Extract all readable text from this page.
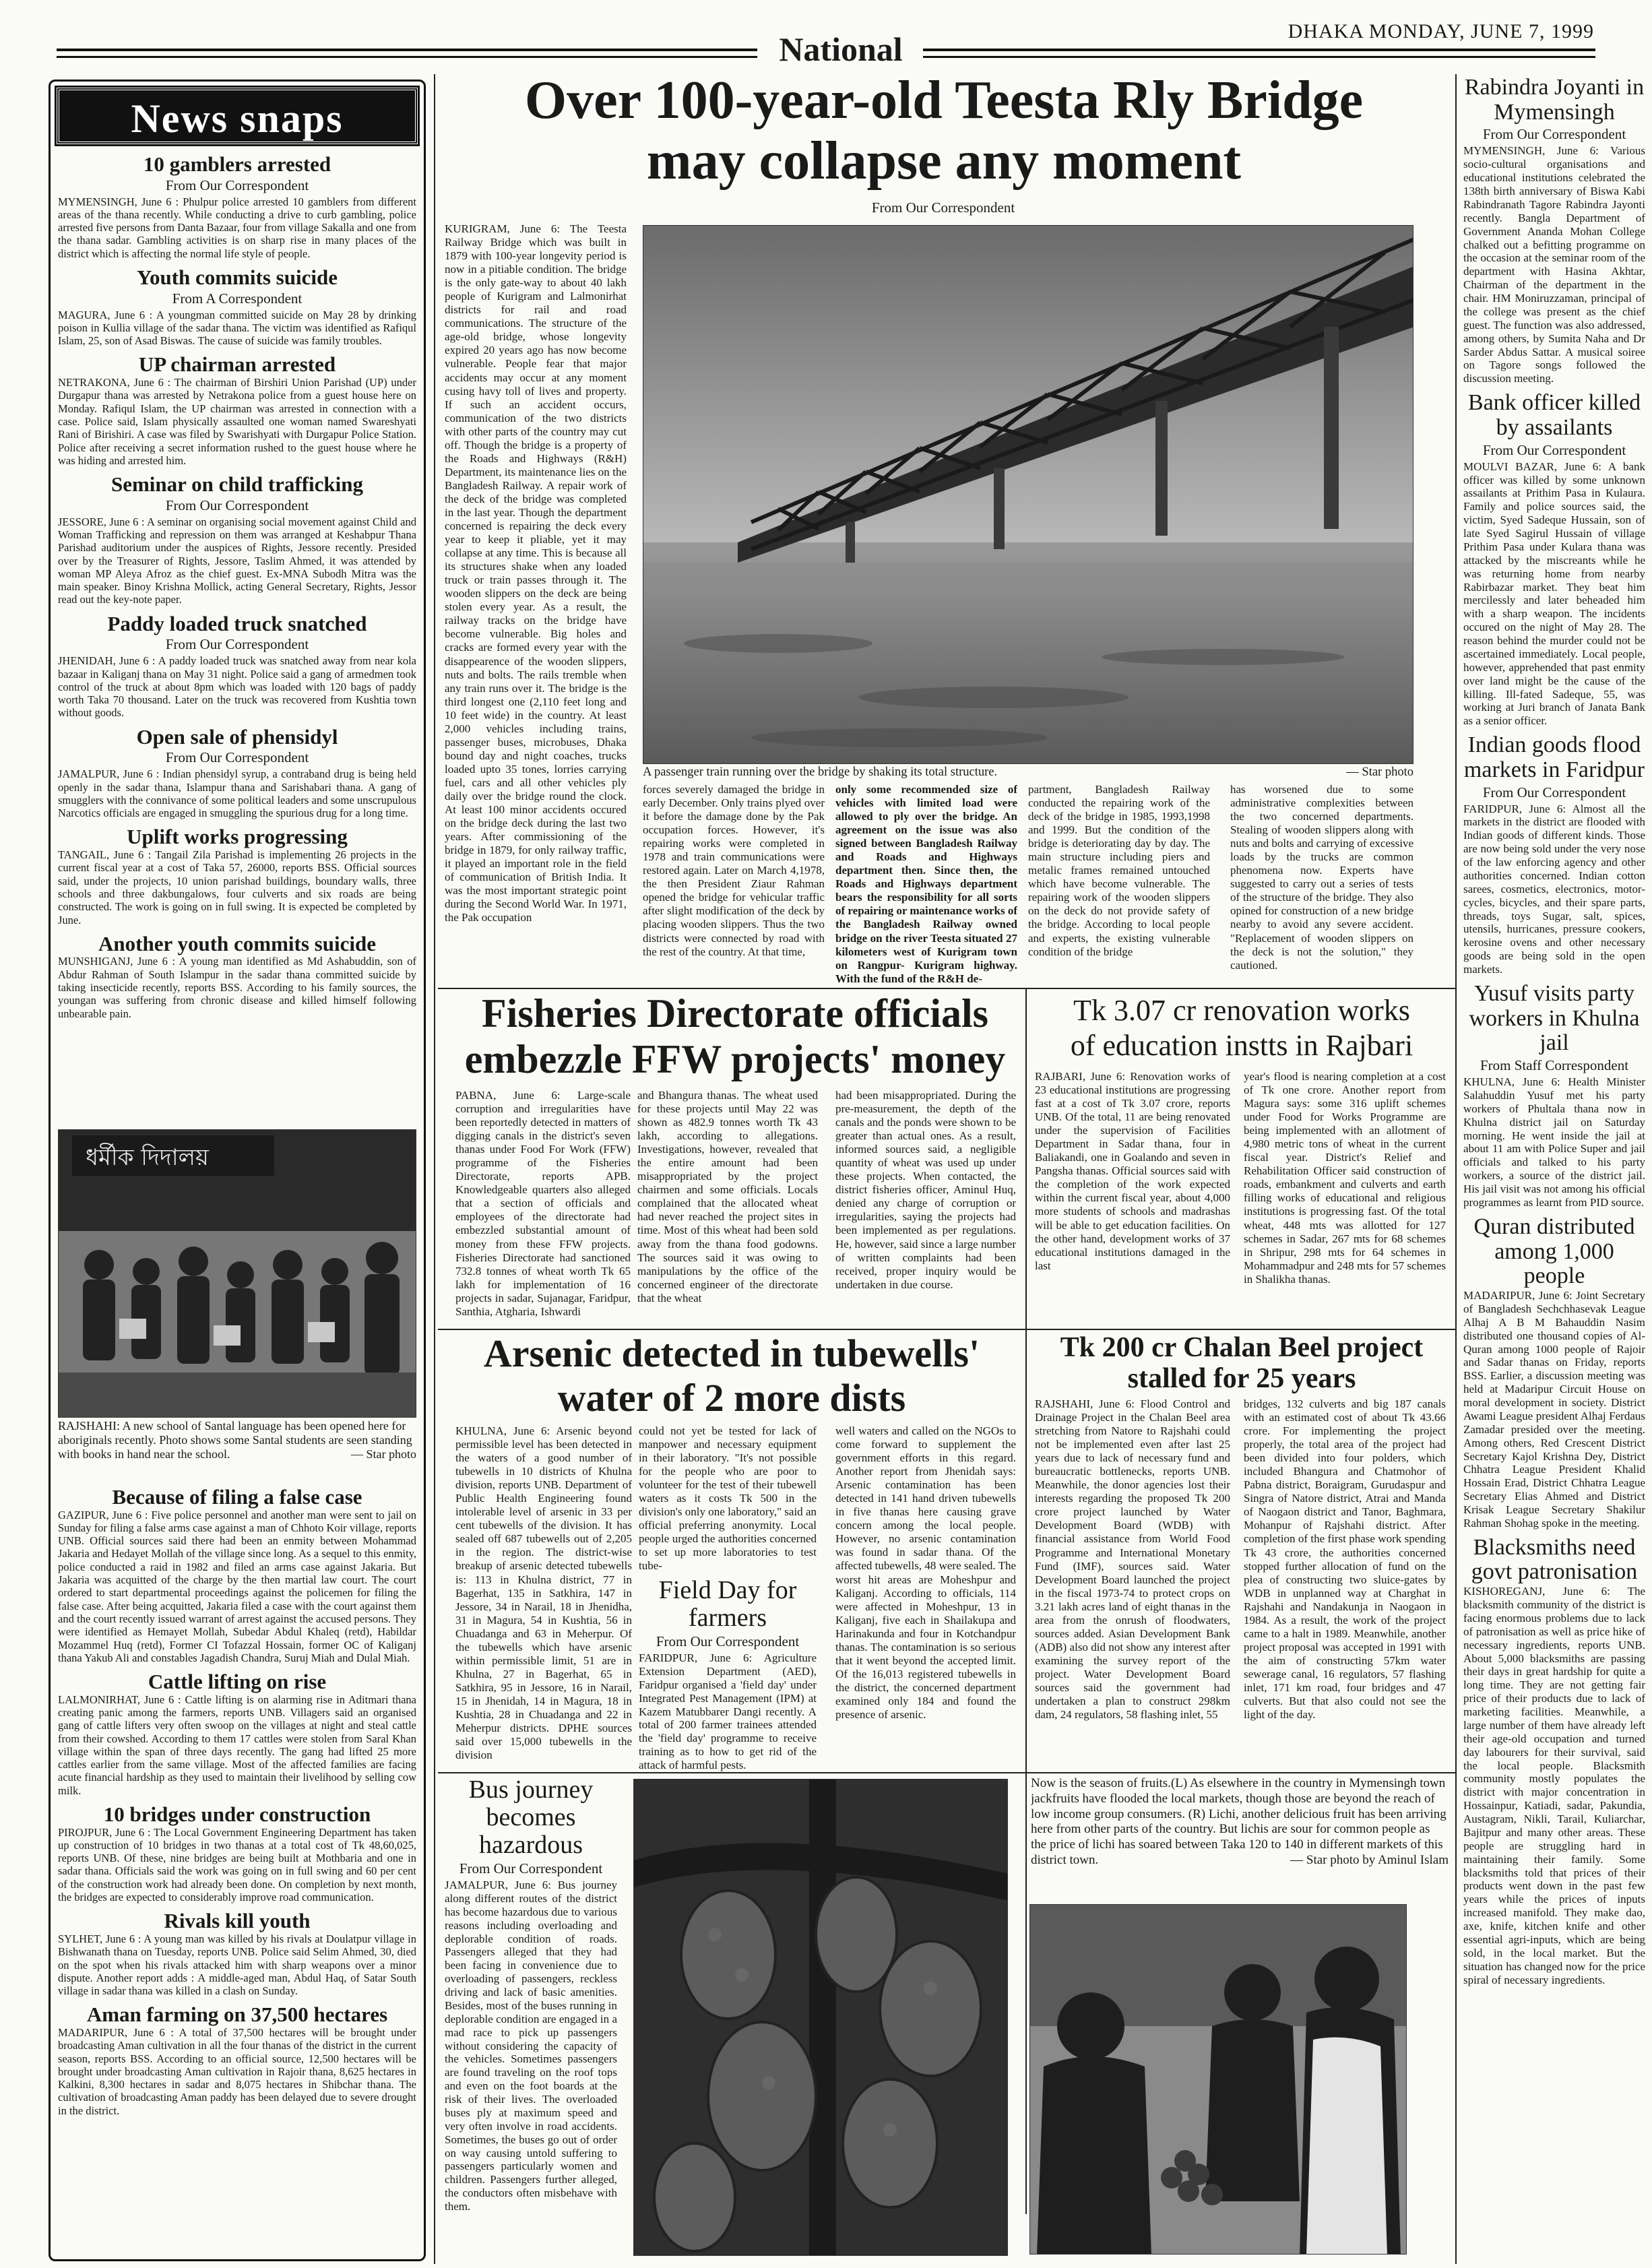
DHAKA MONDAY, JUNE 7, 1999
National
News snaps
10 gamblers arrested
From Our Correspondent

MYMENSINGH, June 6 : Phulpur police arrested 10 gamblers from different areas of the thana recently. While conducting a drive to curb gambling, police arrested five persons from Danta Bazaar, four from village Sakalla and one from the thana sadar. Gambling activities is on sharp rise in many places of the district which is affecting the normal life style of people.

Youth commits suicide
From A Correspondent

MAGURA, June 6 : A youngman committed suicide on May 28 by drinking poison in Kullia village of the sadar thana. The victim was identified as Rafiqul Islam, 25, son of Asad Biswas. The cause of suicide was family troubles.

UP chairman arrested

NETRAKONA, June 6 : The chairman of Birshiri Union Parishad (UP) under Durgapur thana was arrested by Netrakona police from a guest house here on Monday. Rafiqul Islam, the UP chairman was arrested in connection with a case. Police said, Islam physically assaulted one woman named Swareshyati Rani of Birishiri. A case was filed by Swarishyati with Durgapur Police Station. Police after receiving a secret information rushed to the guest house where he was hiding and arrested him.

Seminar on child trafficking
From Our Correspondent

JESSORE, June 6 : A seminar on organising social movement against Child and Woman Trafficking and repression on them was arranged at Keshabpur Thana Parishad auditorium under the auspices of Rights, Jessore recently. Presided over by the Treasurer of Rights, Jessore, Taslim Ahmed, it was attended by woman MP Aleya Afroz as the chief guest. Ex-MNA Subodh Mitra was the main speaker. Binoy Krishna Mollick, acting General Secretary, Rights, Jessor read out the key-note paper.

Paddy loaded truck snatched
From Our Correspondent

JHENIDAH, June 6 : A paddy loaded truck was snatched away from near kola bazaar in Kaliganj thana on May 31 night. Police said a gang of armedmen took control of the truck at about 8pm which was loaded with 120 bags of paddy worth Taka 70 thousand. Later on the truck was recovered from Kushtia town without goods.

Open sale of phensidyl
From Our Correspondent

JAMALPUR, June 6 : Indian phensidyl syrup, a contraband drug is being held openly in the sadar thana, Islampur thana and Sarishabari thana. A gang of smugglers with the connivance of some political leaders and some unscrupulous Narcotics officials are engaged in smuggling the spurious drug for a long time.

Uplift works progressing

TANGAIL, June 6 : Tangail Zila Parishad is implementing 26 projects in the current fiscal year at a cost of Taka 57, 26000, reports BSS. Official sources said, under the projects, 10 union parishad buildings, boundary walls, three schools and three dakbungalows, four culverts and six roads are being constructed. The work is going on in full swing. It is expected be completed by June.

Another youth commits suicide

MUNSHIGANJ, June 6 : A young man identified as Md Ashabuddin, son of Abdur Rahman of South Islampur in the sadar thana committed suicide by taking insecticide recently, reports BSS. According to his family sources, the youngan was suffering from chronic disease and killed himself following unbearable pain.

ধর্মীক দিদালয়
RAJSHAHI: A new school of Santal language has been opened here for aboriginals recently. Photo shows some Santal students are seen standing with books in hand near the school.	— Star photo
Because of filing a false case

GAZIPUR, June 6 : Five police personnel and another man were sent to jail on Sunday for filing a false arms case against a man of Chhoto Koir village, reports UNB. Official sources said there had been an enmity between Mohammad Jakaria and Hedayet Mollah of the village since long. As a sequel to this enmity, police conducted a raid in 1982 and filed an arms case against Jakaria. But Jakaria was acquitted of the charge by the then martial law court. The court ordered to start departmental proceedings against the policemen for filing the false case. After being acquitted, Jakaria filed a case with the court against them and the court recently issued warrant of arrest against the accused persons. They were identified as Hemayet Mollah, Subedar Abdul Khaleq (retd), Habildar Mozammel Huq (retd), Former CI Tofazzal Hossain, former OC of Kaliganj thana Yakub Ali and constables Jagadish Chandra, Suruj Miah and Dulal Miah.

Cattle lifting on rise

LALMONIRHAT, June 6 : Cattle lifting is on alarming rise in Aditmari thana creating panic among the farmers, reports UNB. Villagers said an organised gang of cattle lifters very often swoop on the villages at night and steal cattle from their cowshed. According to them 17 cattles were stolen from Saral Khan village within the span of three days recently. The gang had lifted 25 more cattles earlier from the same village. Most of the affected families are facing acute financial hardship as they used to maintain their livelihood by selling cow milk.

10 bridges under construction

PIROJPUR, June 6 : The Local Government Engineering Department has taken up construction of 10 bridges in two thanas at a total cost of Tk 48,60,025, reports UNB. Of these, nine bridges are being built at Mothbaria and one in sadar thana. Officials said the work was going on in full swing and 60 per cent of the construction work had already been done. On completion by next month, the bridges are expected to considerably improve road communication.

Rivals kill youth

SYLHET, June 6 : A young man was killed by his rivals at Doulatpur village in Bishwanath thana on Tuesday, reports UNB. Police said Selim Ahmed, 30, died on the spot when his rivals attacked him with sharp weapons over a minor dispute. Another report adds : A middle-aged man, Abdul Haq, of Satar South village in sadar thana was killed in a clash on Sunday.

Aman farming on 37,500 hectares

MADARIPUR, June 6 : A total of 37,500 hectares will be brought under broadcasting Aman cultivation in all the four thanas of the district in the current season, reports BSS. According to an official source, 12,500 hectares will be brought under broadcasting Aman cultivation in Rajoir thana, 8,625 hectares in Kalkini, 8,300 hectares in sadar and 8,075 hectares in Shibchar thana. The cultivation of broadcasting Aman paddy has been delayed due to severe drought in the district.

Over 100-year-old Teesta Rly Bridge
may collapse any moment
From Our Correspondent

KURIGRAM, June 6: The Teesta Railway Bridge which was built in 1879 with 100-year longevity period is now in a pitiable condition. The bridge is the only gate-way to about 40 lakh people of Kurigram and Lalmonirhat districts for rail and road communications. The structure of the age-old bridge, whose longevity expired 20 years ago has now become vulnerable. People fear that major accidents may occur at any moment cusing havy toll of lives and property. If such an accident occurs, communication of the two districts with other parts of the country may cut off. Though the bridge is a property of the Roads and Highways (R&H) Department, its maintenance lies on the Bangladesh Railway. A repair work of the deck of the bridge was completed in the last year. Though the department concerned is repairing the deck every year to keep it pliable, yet it may collapse at any time. This is because all its structures shake when any loaded truck or train passes through it. The wooden slippers on the deck are being stolen every year. As a result, the railway tracks on the bridge have become vulnerable. Big holes and cracks are formed every year with the disappearence of the wooden slippers, nuts and bolts. The rails tremble when any train runs over it. The bridge is the third longest one (2,110 feet long and 10 feet wide) in the country. At least 2,000 vehicles including trains, passenger buses, microbuses, Dhaka bound day and night coaches, trucks loaded upto 35 tones, lorries carrying fuel, cars and all other vehicles ply daily over the bridge round the clock. At least 100 minor accidents occured on the bridge deck during the last two years. After commissioning of the bridge in 1879, for only railway traffic, it played an important role in the field of communication of British India. It was the most important strategic point during the Second World War. In 1971, the Pak occupation

A passenger train running over the bridge by shaking its total structure.	— Star photo

forces severely damaged the bridge in early December. Only trains plyed over it before the damage done by the Pak occupation forces. However, it's repairing works were completed in 1978 and train communications were restored again. Later on March 4,1978, the then President Ziaur Rahman opened the bridge for vehicular traffic after slight modification of the deck by placing wooden slippers. Thus the two districts were connected by road with the rest of the country. At that time,

only some recommended size of vehicles with limited load were allowed to ply over the bridge. An agreement on the issue was also signed between Bangladesh Railway and Roads and Highways department then. Since then, the Roads and Highways department bears the responsibility for all sorts of repairing or maintenance works of the Bangladesh Railway owned bridge on the river Teesta situated 27 kilometers west of Kurigram town on Rangpur- Kurigram highway. With the fund of the R&H de-

partment, Bangladesh Railway conducted the repairing work of the deck of the bridge in 1985, 1993,1998 and 1999. But the condition of the bridge is deteriorating day by day. The main structure including piers and metalic frames remained untouched which have become vulnerable. The repairing work of the wooden slippers on the deck do not provide safety of the bridge. According to local people and experts, the existing vulnerable condition of the bridge

has worsened due to some administrative complexities between the two concerned departments. Stealing of wooden slippers along with nuts and bolts and carrying of excessive loads by the trucks are common phenomena now. Experts have suggested to carry out a series of tests of the structure of the bridge. They also opined for construction of a new bridge nearby to avoid any severe accident. "Replacement of wooden slippers on the deck is not the solution," they cautioned.

Fisheries Directorate officials
embezzle FFW projects' money

PABNA, June 6: Large-scale corruption and irregularities have been reportedly detected in matters of digging canals in the district's seven thanas under Food For Work (FFW) programme of the Fisheries Directorate, reports APB. Knowledgeable quarters also alleged that a section of officials and employees of the directorate had embezzled substantial amount of money from these FFW projects. Fisheries Directorate had sanctioned 732.8 tonnes of wheat worth Tk 65 lakh for implementation of 16 projects in sadar, Sujanagar, Faridpur, Santhia, Atgharia, Ishwardi

and Bhangura thanas. The wheat used for these projects until May 22 was shown as 482.9 tonnes worth Tk 43 lakh, according to allegations. Investigations, however, revealed that the entire amount had been misappropriated by the project chairmen and some officials. Locals complained that the allocated wheat had never reached the project sites in time. Most of this wheat had been sold away from the thana food godowns. The sources said it was owing to manipulations by the office of the concerned engineer of the directorate that the wheat

had been misappropriated. During the pre-measurement, the depth of the canals and the ponds were shown to be greater than actual ones. As a result, informed sources said, a negligible quantity of wheat was used up under these projects. When contacted, the district fisheries officer, Aminul Huq, denied any charge of corruption or irregularities, saying the projects had been implemented as per regulations. He, however, said since a large number of written complaints had been received, proper inquiry would be undertaken in due course.

Tk 3.07 cr renovation works
of education instts in Rajbari

RAJBARI, June 6: Renovation works of 23 educational institutions are progressing fast at a cost of Tk 3.07 crore, reports UNB. Of the total, 11 are being renovated under the supervision of Facilities Department in Sadar thana, four in Baliakandi, one in Goalando and seven in Pangsha thanas. Official sources said with the completion of the work expected within the current fiscal year, about 4,000 more students of schools and madrashas will be able to get education facilities. On the other hand, development works of 37 educational institutions damaged in the last

year's flood is nearing completion at a cost of Tk one crore. Another report from Magura says: some 316 uplift schemes under Food for Works Programme are being implemented with an allotment of 4,980 metric tons of wheat in the current fiscal year. District's Relief and Rehabilitation Officer said construction of roads, embankment and culverts and earth filling works of educational and religious institutions is progressing fast. Of the total wheat, 448 mts was allotted for 127 schemes in Sadar, 267 mts for 68 schemes in Shripur, 298 mts for 64 schemes in Mohammadpur and 248 mts for 57 schemes in Shalikha thanas.

Arsenic detected in tubewells'
water of 2 more dists

KHULNA, June 6: Arsenic beyond permissible level has been detected in the waters of a good number of tubewells in 10 districts of Khulna division, reports UNB. Department of Public Health Engineering found intolerable level of arsenic in 33 per cent tubewells of the division. It has sealed off 687 tubewells out of 2,205 in the region. The district-wise breakup of arsenic detected tubewells is: 113 in Khulna district, 77 in Bagerhat, 135 in Satkhira, 147 in Jessore, 34 in Narail, 18 in Jhenidha, 31 in Magura, 54 in Kushtia, 56 in Chuadanga and 63 in Meherpur. Of the tubewells which have arsenic within permissible limit, 51 are in Khulna, 27 in Bagerhat, 65 in Satkhira, 95 in Jessore, 16 in Narail, 15 in Jhenidah, 14 in Magura, 18 in Kushtia, 28 in Chuadanga and 22 in Meherpur districts. DPHE sources said over 15,000 tubewells in the division

could not yet be tested for lack of manpower and necessary equipment in their laboratory. "It's not possible for the people who are poor to volunteer for the test of their tubewell waters as it costs Tk 500 in the division's only one laboratory," said an official preferring anonymity. Local people urged the authorities concerned to set up more laboratories to test tube-

well waters and called on the NGOs to come forward to supplement the government efforts in this regard. Another report from Jhenidah says: Arsenic contamination has been detected in 141 hand driven tubewells in five thanas here causing grave concern among the local people. However, no arsenic contamination was found in sadar thana. Of the affected tubewells, 48 were sealed. The worst hit areas are Moheshpur and Kaliganj. According to officials, 114 were affected in Moheshpur, 13 in Kaliganj, five each in Shailakupa and Harinakunda and four in Kotchandpur thanas. The contamination is so serious that it went beyond the accepted limit. Of the 16,013 registered tubewells in the district, the concerned department examined only 184 and found the presence of arsenic.

Field Day for
farmers
From Our Correspondent

FARIDPUR, June 6: Agriculture Extension Department (AED), Faridpur organised a 'field day' under Integrated Pest Management (IPM) at Kazem Matubbarer Dangi recently. A total of 200 farmer trainees attended the 'field day' programme to receive training as to how to get rid of the attack of harmful pests.

Tk 200 cr Chalan Beel project
stalled for 25 years

RAJSHAHI, June 6: Flood Control and Drainage Project in the Chalan Beel area stretching from Natore to Rajshahi could not be implemented even after last 25 years due to lack of necessary fund and bureaucratic bottlenecks, reports UNB. Meanwhile, the donor agencies lost their interests regarding the proposed Tk 200 crore project launched by Water Development Board (WDB) with financial assistance from World Food Programme and International Monetary Fund (IMF), sources said. Water Development Board launched the project in the fiscal 1973-74 to protect crops on 3.21 lakh acres land of eight thanas in the area from the onrush of floodwaters, sources added. Asian Development Bank (ADB) also did not show any interest after examining the survey report of the project. Water Development Board sources said the government had undertaken a plan to construct 298km dam, 24 regulators, 58 flashing inlet, 55

bridges, 132 culverts and big 187 canals with an estimated cost of about Tk 43.66 crore. For implementing the project properly, the total area of the project had been divided into four polders, which included Bhangura and Chatmohor of Pabna district, Boraigram, Gurudaspur and Singra of Natore district, Atrai and Manda of Naogaon district and Tanor, Baghmara, Mohanpur of Rajshahi district. After completion of the first phase work spending Tk 43 crore, the authorities concerned stopped further allocation of fund on the plea of constructing two sluice-gates by WDB in unplanned way at Charghat in Rajshahi and Nandakunja in Naogaon in 1984. As a result, the work of the project came to a halt in 1989. Meanwhile, another project proposal was accepted in 1991 with the aim of constructing 57km water sewerage canal, 16 regulators, 57 flashing inlet, 171 km road, four bridges and 47 culverts. But that also could not see the light of the day.

Bus journey
becomes
hazardous
From Our Correspondent

JAMALPUR, June 6: Bus journey along different routes of the district has become hazardous due to various reasons including overloading and deplorable condition of roads. Passengers alleged that they had been facing in convenience due to overloading of passengers, reckless driving and lack of basic amenities. Besides, most of the buses running in deplorable condition are engaged in a mad race to pick up passengers without considering the capacity of the vehicles. Sometimes passengers are found traveling on the roof tops and even on the foot boards at the risk of their lives. The overloaded buses ply at maximum speed and very often involve in road accidents. Sometimes, the buses go out of order on way causing untold suffering to passengers particularly women and children. Passengers further alleged, the conductors often misbehave with them.

Now is the season of fruits.(L) As elsewhere in the country in Mymensingh town jackfruits have flooded the local markets, though those are beyond the reach of low income group consumers. (R) Lichi, another delicious fruit has been arriving here from other parts of the country. But lichis are sour for common people as the price of lichi has soared between Taka 120 to 140 in different markets of this district town.	— Star photo by Aminul Islam
Rabindra Joyanti in Mymensingh
From Our Correspondent

MYMENSINGH, June 6: Various socio-cultural organisations and educational institutions celebrated the 138th birth anniversary of Biswa Kabi Rabindranath Tagore Rabindra Jayonti recently. Bangla Department of Government Ananda Mohan College chalked out a befitting programme on the occasion at the seminar room of the department with Hasina Akhtar, Chairman of the department in the chair. HM Moniruzzaman, principal of the college was present as the chief guest. The function was also addressed, among others, by Sumita Naha and Dr Sarder Abdus Sattar. A musical soiree on Tagore songs followed the discussion meeting.

Bank officer killed by assailants
From Our Correspondent

MOULVI BAZAR, June 6: A bank officer was killed by some unknown assailants at Prithim Pasa in Kulaura. Family and police sources said, the victim, Syed Sadeque Hussain, son of late Syed Sagirul Hussain of village Prithim Pasa under Kulara thana was attacked by the miscreants while he was returning home from nearby Rabirbazar market. They beat him mercilessly and later beheaded him with a sharp weapon. The incidents occured on the night of May 28. The reason behind the murder could not be ascertained immediately. Local people, however, apprehended that past enmity over land might be the cause of the killing. Ill-fated Sadeque, 55, was working at Juri branch of Janata Bank as a senior officer.

Indian goods flood markets in Faridpur
From Our Correspondent

FARIDPUR, June 6: Almost all the markets in the district are flooded with Indian goods of different kinds. Those are now being sold under the very nose of the law enforcing agency and other authorities concerned. Indian cotton sarees, cosmetics, electronics, motor-cycles, bicycles, and their spare parts, threads, toys Sugar, salt, spices, utensils, hurricanes, pressure cookers, kerosine ovens and other necessary goods are being sold in the open markets.

Yusuf visits party workers in Khulna jail
From Staff Correspondent

KHULNA, June 6: Health Minister Salahuddin Yusuf met his party workers of Phultala thana now in Khulna district jail on Saturday morning. He went inside the jail at about 11 am with Police Super and jail officials and talked to his party workers, a source of the district jail. His jail visit was not among his official programmes as learnt from PID source.

Quran distributed among 1,000 people

MADARIPUR, June 6: Joint Secretary of Bangladesh Sechchhasevak League Alhaj A B M Bahauddin Nasim distributed one thousand copies of Al-Quran among 1000 people of Rajoir and Sadar thanas on Friday, reports BSS. Earlier, a discussion meeting was held at Madaripur Circuit House on moral development in society. District Awami League president Alhaj Ferdaus Zamadar presided over the meeting. Among others, Red Crescent District Secretary Kajol Krishna Dey, District Chhatra League President Khalid Hossain Erad, District Chhatra League Secretary Elias Ahmed and District Krisak League Secretary Shakilur Rahman Shohag spoke in the meeting.

Blacksmiths need govt patronisation

KISHOREGANJ, June 6: The blacksmith community of the district is facing enormous problems due to lack of patronisation as well as price hike of necessary ingredients, reports UNB. About 5,000 blacksmiths are passing their days in great hardship for quite a long time. They are not getting fair price of their products due to lack of marketing facilities. Meanwhile, a large number of them have already left their age-old occupation and turned day labourers for their survival, said the local people. Blacksmith community mostly populates the district with major concentration in Hossainpur, Katiadi, sadar, Pakundia, Austagram, Nikli, Tarail, Kuliarchar, Bajitpur and many other areas. These people are struggling hard in maintaining their family. Some blacksmiths told that prices of their products went down in the past few years while the prices of inputs increased manifold. They make dao, axe, knife, kitchen knife and other essential agri-inputs, which are being sold, in the local market. But the situation has changed now for the price spiral of necessary ingredients.
